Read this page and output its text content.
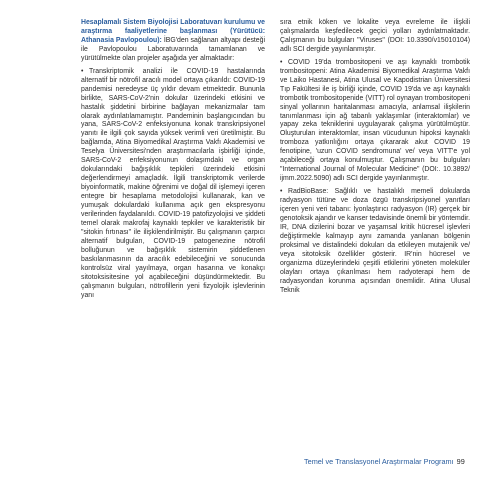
Hesaplamalı Sistem Biyolojisi Laboratuvarı kurulumu ve araştırma faaliyetlerine başlanması (Yürütücü: Athanasia Pavlopoulou): İBG'den sağlanan altyapı desteği ile Pavlopoulou Laboratuvarında tamamlanan ve yürütülmekte olan projeler aşağıda yer almaktadır:

• Transkriptomik analizi ile COVID-19 hastalarında alternatif bir nötrofil aracılı model ortaya çıkarıldı: COVID-19 pandemisi neredeyse üç yıldır devam etmektedir. Bununla birlikte, SARS-CoV-2'nin dokular üzerindeki etkisini ve hastalık şiddetini birbirine bağlayan mekanizmalar tam olarak aydınlatılamamıştır. Pandeminin başlangıcından bu yana, SARS-CoV-2 enfeksiyonuna konak transkripsiyonel yanıtı ile ilgili çok sayıda yüksek verimli veri üretilmiştir. Bu bağlamda, Atina Biyomedikal Araştırma Vakfı Akademisi ve Teselya Üniversitesi'nden araştırmacılarla işbirliği içinde, SARS-CoV-2 enfeksiyonunun dolaşımdaki ve organ dokularındaki bağışıklık tepkileri üzerindeki etkisini değerlendirmeyi amaçladık. İlgili transkriptomik verilerde biyoinformatik, makine öğrenimi ve doğal dil işlemeyi içeren entegre bir hesaplama metodolojisi kullanarak, kan ve yumuşak dokulardaki kullanıma açık gen ekspresyonu verilerinden faydalanıldı. COVID-19 patofizyolojisi ve şiddeti temel olarak makrofaj kaynaklı tepkiler ve karakteristik bir "sitokin fırtınası" ile ilişkilendirilmiştir. Bu çalışmanın çarpıcı alternatif bulguları, COVID-19 patogenezine nötrofil bolluğunun ve bağışıklık sistemirin şiddetlenen baskılanmasının da aracılık edebileceğini ve sonucunda kontrolsüz viral yayılmaya, organ hasarına ve konakçı sitotoksisitesine yol açabileceğini düşündürmektedir. Bu çalışmanın bulguları, nötrofillerin yeni fizyolojik işlevlerinin yanı

sıra etnik köken ve lokalite veya evreleme ile ilişkili çalışmalarda keşfedilecek geçici yolları aydınlatmaktadır. Çalışmanın bu bulguları "Viruses" (DOI: 10.3390/v15010104) adlı SCI dergide yayınlanmıştır.

• COVID 19'da trombositopeni ve aşı kaynaklı trombotik trombositopeni: Atina Akademisi Biyomedikal Araştırma Vakfı ve Laiko Hastanesi, Atina Ulusal ve Kapodistrian Üniversitesi Tıp Fakültesi ile iş birliği içinde, COVID 19'da ve aşı kaynaklı trombotik trombositopenide (VITT) rol oynayan trombositopeni sinyal yollarının haritalanması amacıyla, anlamsal ilişkilerin tanımlanması için ağ tabanlı yaklaşımlar (interaktomlar) ve yapay zeka tekniklerini uygulayarak çalışma yürütülmüştür. Oluşturulan interaktomlar, insan vücudunun hipoksi kaynaklı tromboza yatkınlığını ortaya çıkararak akut COVID 19 fenotipine, 'uzun COVID sendromuna' ve/ veya VITT'e yol açabileceği ortaya konulmuştur. Çalışmanın bu bulguları "International Journal of Molecular Medicine" (DOI:. 10.3892/ ijmm.2022.5090) adlı SCI dergide yayınlanmıştır.

• RadBioBase: Sağlıklı ve hastalıklı memeli dokularda radyasyon tütüne ve doza özgü transkripsiyonel yanıtları içeren yeni veri tabanı: İyonlaştırıcı radyasyon (IR) gerçek bir genotoksik ajandır ve kanser tedavisinde önemli bir yöntemdir. IR, DNA dizilerini bozar ve yaşamsal kritik hücresel işlevleri değiştirmekle kalmayıp aynı zamanda yanlanan bölgenin proksimal ve distalindeki dokuları da etkileyen mutajenik ve/ veya sitotoksik özellikler gösterir. IR'nin hücresel ve organizma düzeylerindeki çeşitli etkilerini yöneten moleküler olayları ortaya çıkarılması hem radyoterapi hem de radyasyondan korunma açısından önemlidir. Atina Ulusal Teknik

Temel ve Translasyonel Araştırmalar Programı 99
